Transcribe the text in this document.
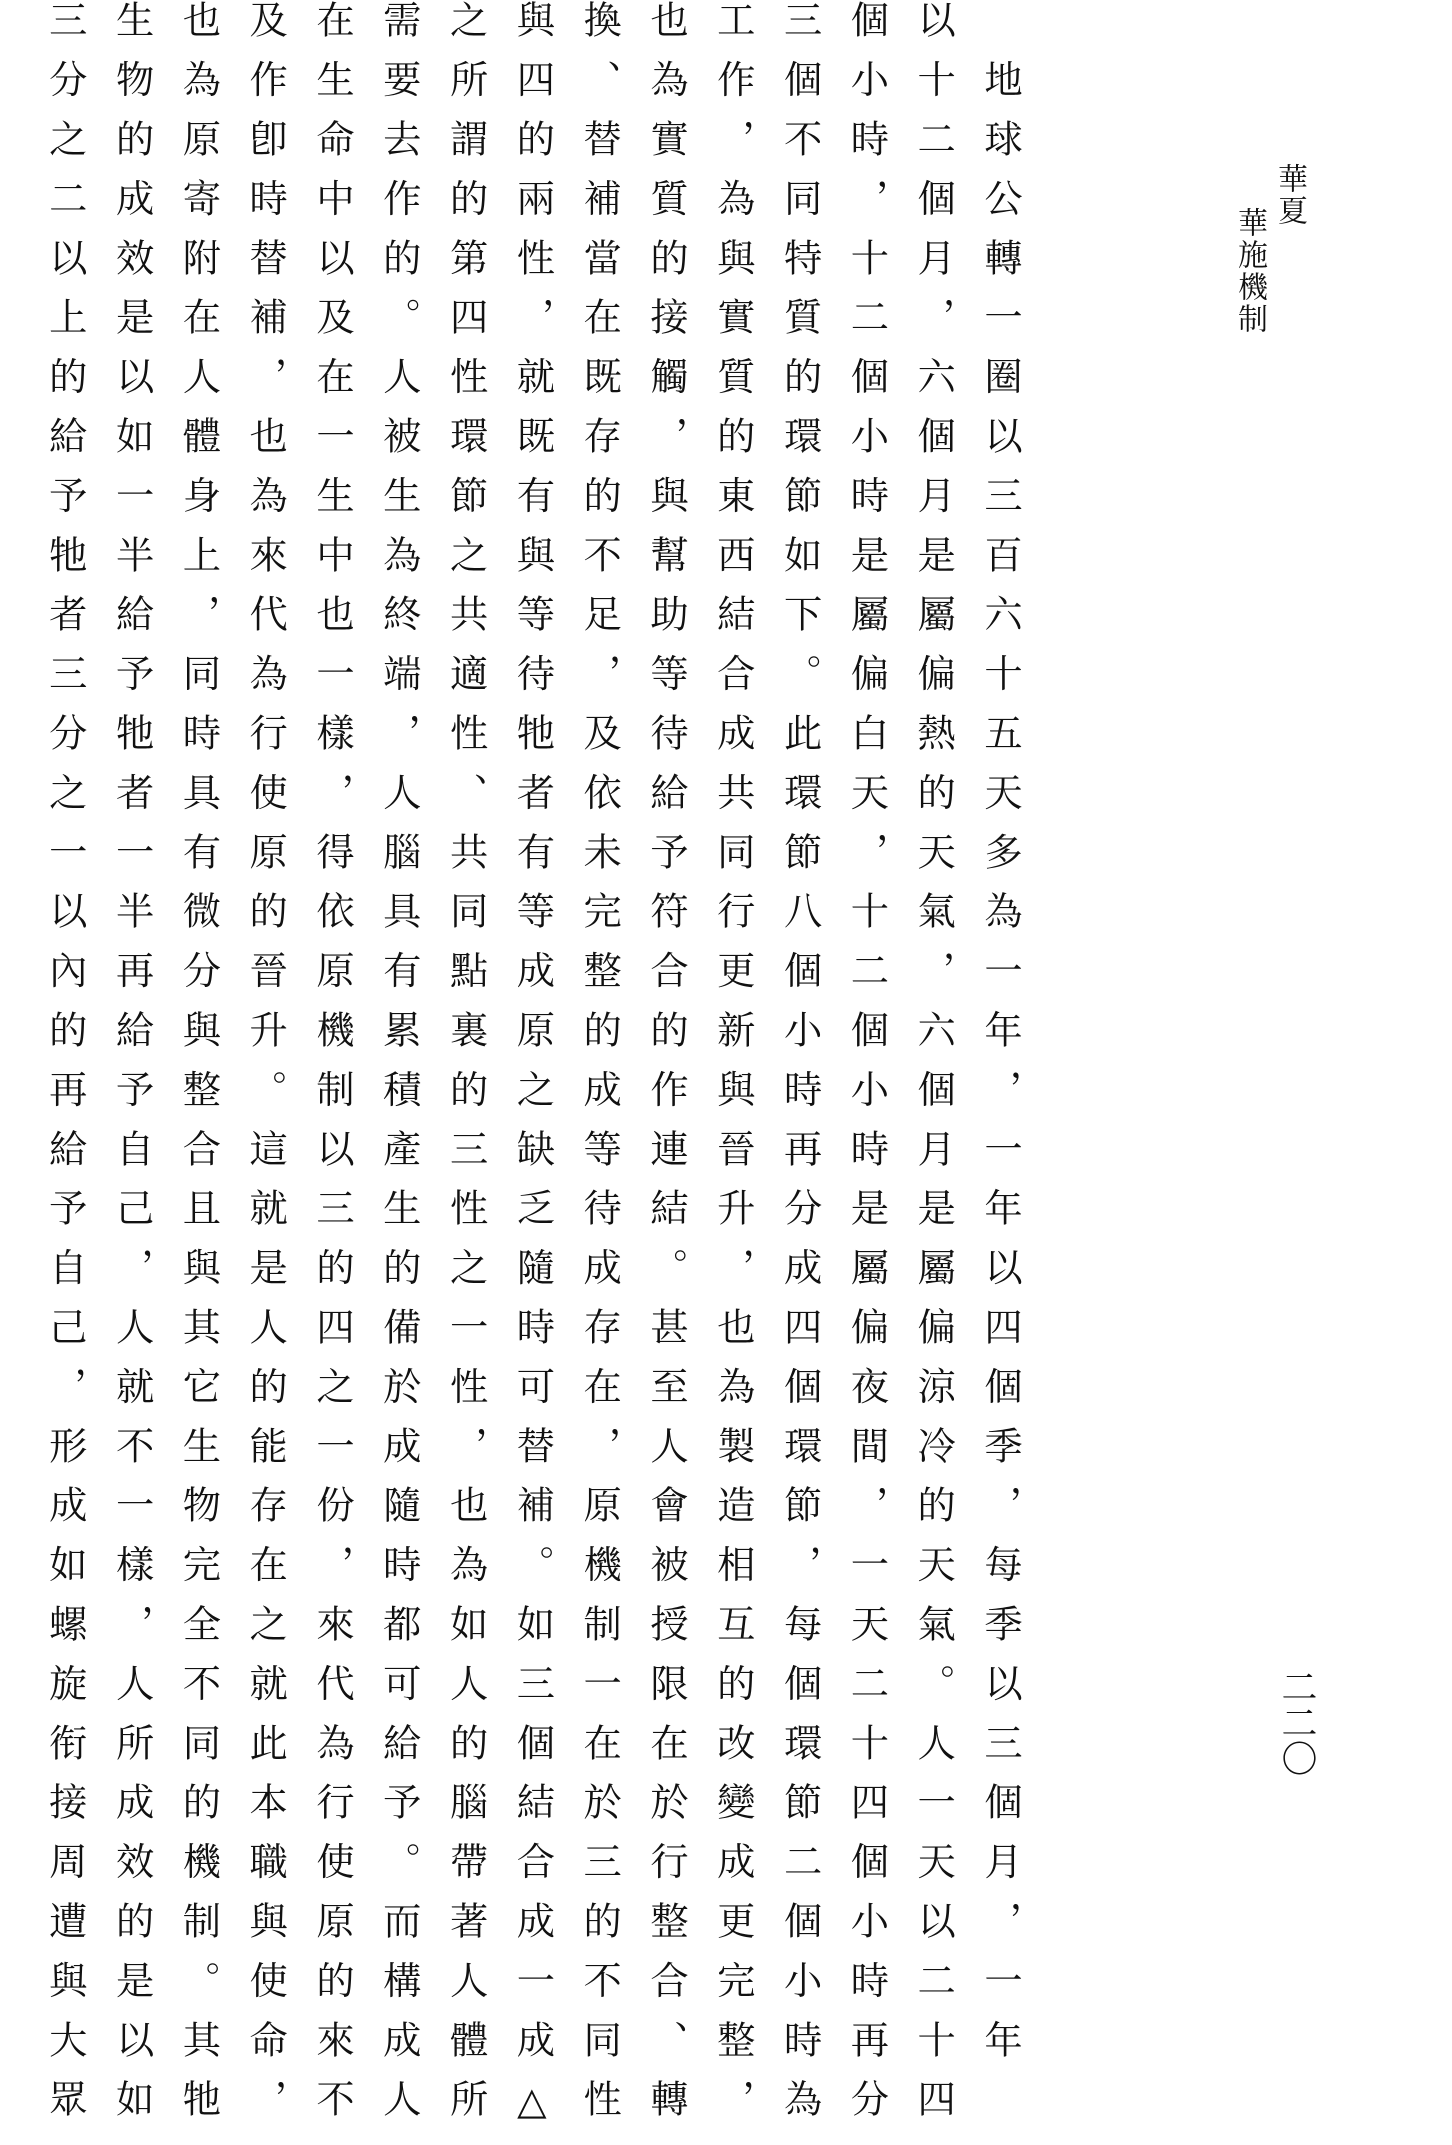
華夏
華施機制
二二〇
　地球公轉一圈以三百六十五天多為一年，一年以四個季，每季以三個月，一年
以十二個月，六個月是屬偏熱的天氣，六個月是屬偏涼冷的天氣。人一天以二十四
個小時，十二個小時是屬偏白天，十二個小時是屬偏夜間，一天二十四個小時再分
三個不同特質的環節如下。此環節八個小時再分成四個環節，每個環節二個小時為
工作，為與實質的東西結合成共同行更新與晉升，也為製造相互的改變成更完整，
也為實質的接觸，與幫助等待給予符合的作連結。甚至人會被授限在於行整合、轉
換、替補當在既存的不足，及依未完整的成等待成存在，原機制一在於三的不同性
與四的兩性，就既有與等待牠者有等成原之缺乏隨時可替補。如三個結合成一成△
之所謂的第四性環節之共適性、共同點裏的三性之一性，也為如人的腦帶著人體所
需要去作的。人被生為終端，人腦具有累積產生的備於成隨時都可給予。而構成人
在生命中以及在一生中也一樣，得依原機制以三的四之一份，來代為行使原的來不
及作卽時替補，也為來代為行使原的晉升。這就是人的能存在之就此本職與使命，
也為原寄附在人體身上，同時具有微分與整合且與其它生物完全不同的機制。其牠
生物的成效是以如一半給予牠者一半再給予自己，人就不一樣，人所成效的是以如
三分之二以上的給予牠者三分之一以內的再給予自己，形成如螺旋衔接周遭與大眾
